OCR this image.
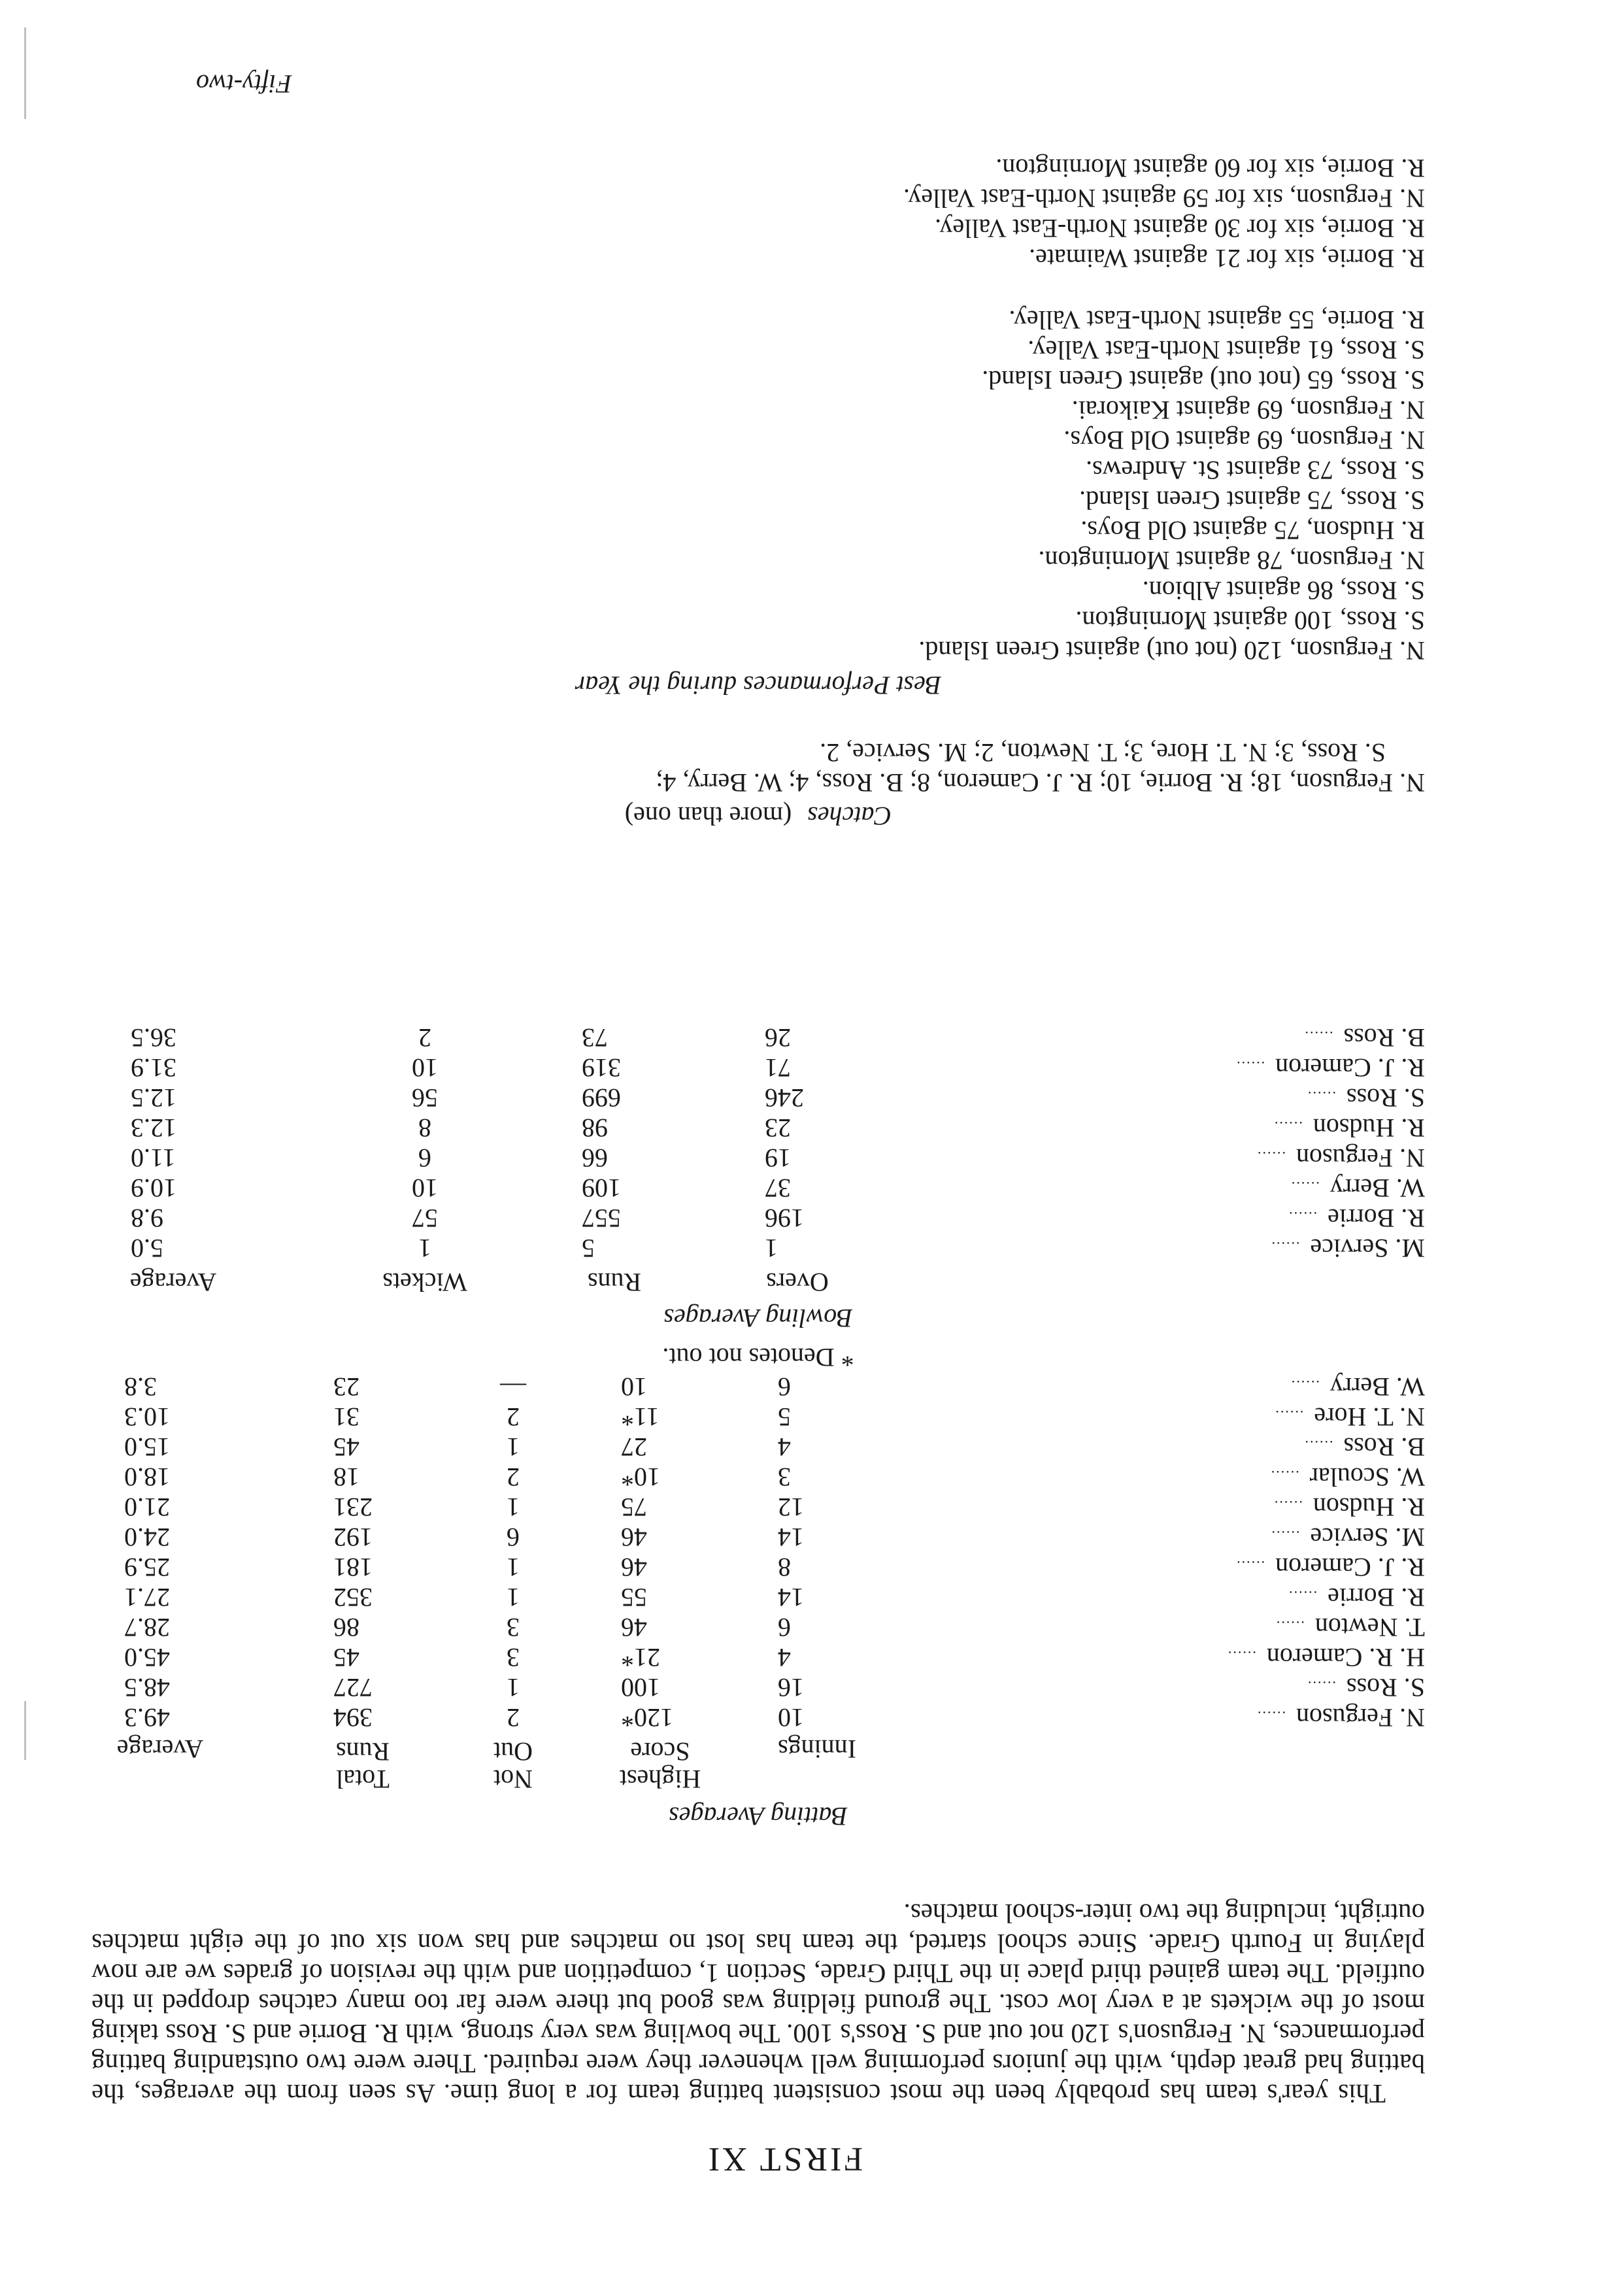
FIRST XI

This year's team has probably been the most consistent batting team for a long time. As seen from the averages, the batting had great depth, with the juniors performing well whenever they were required. There were two outstanding batting performances, N. Ferguson's 120 not out and S. Ross's 100. The bowling was very strong, with R. Borrie and S. Ross taking most of the wickets at a very low cost. The ground fielding was good but there were far too many catches dropped in the outfield. The team gained third place in the Third Grade, Section 1, competition and with the revision of grades we are now playing in Fourth Grade. Since school started, the team has lost no matches and has won six out of the eight matches outright, including the two inter-school matches.

Batting Averages
Innings
Highest Score
Not Out
Total Runs
Average
N. Ferguson......
10
120*
2
394
49.3
S. Ross......
16
100
1
727
48.5
H. R. Cameron......
4
21*
3
45
45.0
T. Newton......
6
46
3
86
28.7
R. Borrie......
14
55
1
352
27.1
R. J. Cameron......
8
46
1
181
25.9
M. Service......
14
46
6
192
24.0
R. Hudson......
12
75
1
231
21.0
W. Scoular......
3
10*
2
18
18.0
B. Ross......
4
27
1
45
15.0
N. T. Hore......
5
11*
2
31
10.3
W. Berry......
6
10
—
23
3.8
* Denotes not out.
Bowling Averages
Overs
Runs
Wickets
Average
M. Service......
1
5
1
5.0
R. Borrie......
196
557
57
9.8
W. Berry......
37
109
10
10.9
N. Ferguson......
19
66
6
11.0
R. Hudson......
23
98
8
12.3
S. Ross......
246
699
56
12.5
R. J. Cameron......
71
319
10
31.9
B. Ross......
26
73
2
36.5
Catches (more than one)
N. Ferguson, 18; R. Borrie, 10; R. J. Cameron, 8; B. Ross, 4; W. Berry, 4;
S. Ross, 3; N. T. Hore, 3; T. Newton, 2; M. Service, 2.
Best Performances during the Year
N. Ferguson, 120 (not out) against Green Island.
S. Ross, 100 against Mornington.
S. Ross, 86 against Albion.
N. Ferguson, 78 against Mornington.
R. Hudson, 75 against Old Boys.
S. Ross, 75 against Green Island.
S. Ross, 73 against St. Andrews.
N. Ferguson, 69 against Old Boys.
N. Ferguson, 69 against Kaikorai.
S. Ross, 65 (not out) against Green Island.
S. Ross, 61 against North-East Valley.
R. Borrie, 55 against North-East Valley.
R. Borrie, six for 21 against Waimate.
R. Borrie, six for 30 against North-East Valley.
N. Ferguson, six for 59 against North-East Valley.
R. Borrie, six for 60 against Mornington.
Fifty-two
